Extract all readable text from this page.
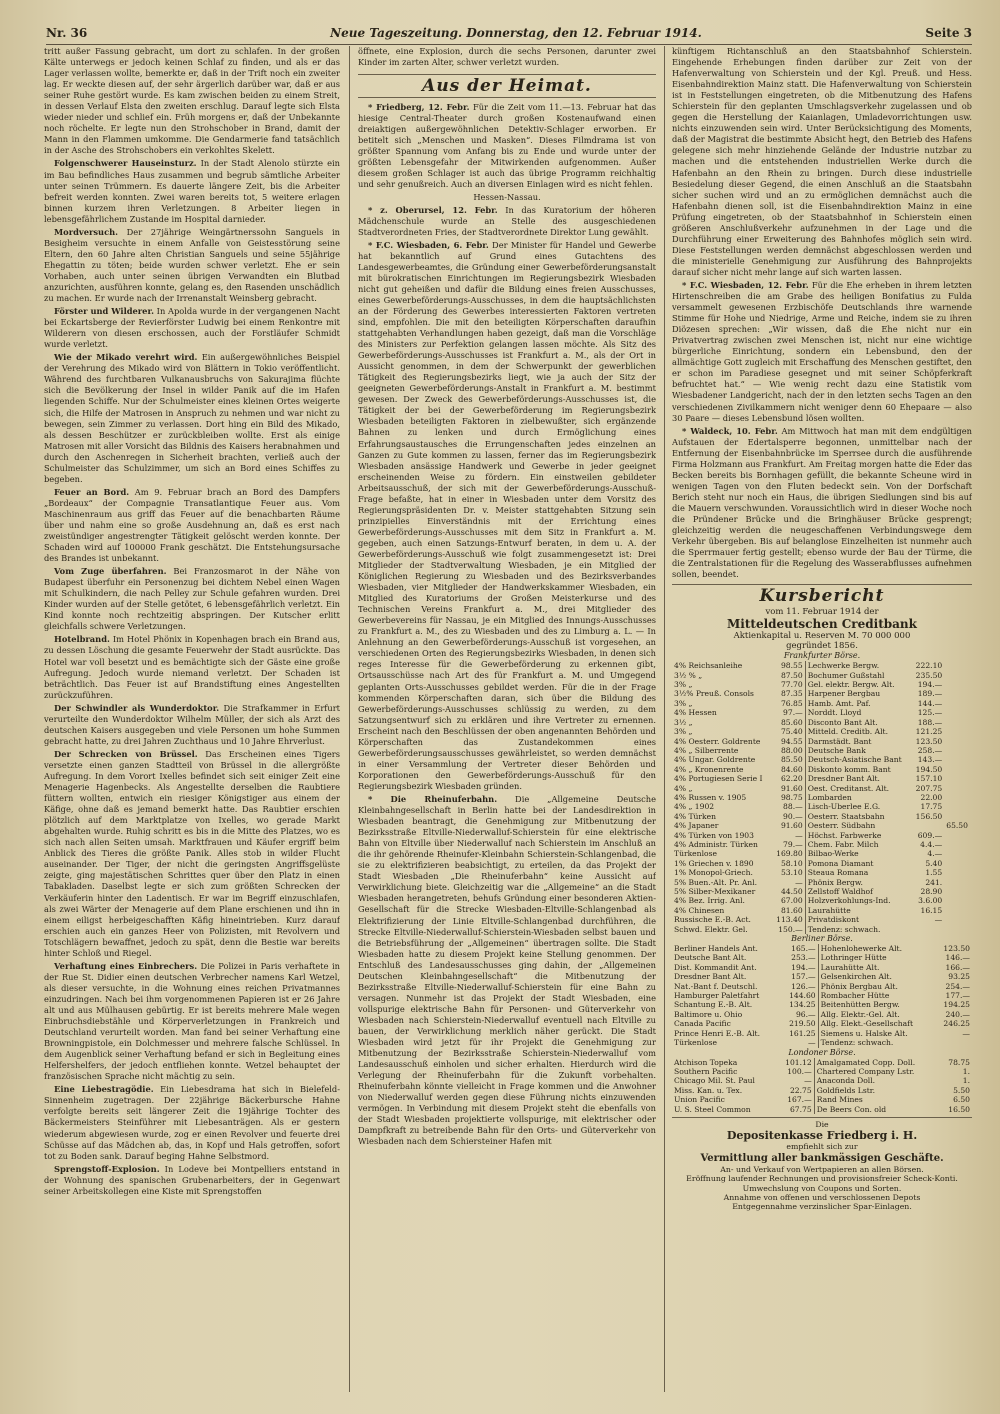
Nr. 36	Neue Tageszeitung. Donnerstag, den 12. Februar 1914.	Seite 3

tritt außer Fassung gebracht, um dort zu schlafen. In der großen Kälte unterwegs er jedoch keinen Schlaf zu finden, und als er das Lager verlassen wollte, bemerkte er, daß in der Trift noch ein zweiter lag. Er weckte diesen auf, der sehr ärgerlich darüber war, daß er aus seiner Ruhe gestört wurde. Es kam zwischen beiden zu einem Streit, in dessen Verlauf Elsta den zweiten erschlug. Darauf legte sich Elsta wieder nieder und schlief ein. Früh morgens er, daß der Unbekannte noch röchelte. Er legte nun den Strohschober in Brand, damit der Mann in den Flammen umkomme. Die Gendarmerie fand tatsächlich in der Asche des Strohschobers ein verkohltes Skelett.

Folgenschwerer Hauseinsturz. In der Stadt Alenolo stürzte ein im Bau befindliches Haus zusammen und begrub sämtliche Arbeiter unter seinen Trümmern. Es dauerte längere Zeit, bis die Arbeiter befreit werden konnten. Zwei waren bereits tot, 5 weitere erlagen binnen kurzem ihren Verletzungen. 8 Arbeiter liegen in lebensgefährlichem Zustande im Hospital darnieder.

Mordversuch. Der 27jährige Weingärtnerssohn Sanguels in Besigheim versuchte in einem Anfalle von Geistesstörung seine Eltern, den 60 Jahre alten Christian Sanguels und seine 55jährige Ehegattin zu töten; beide wurden schwer verletzt. Ehe er sein Vorhaben, auch unter seinen übrigen Verwandten ein Blutbad anzurichten, ausführen konnte, gelang es, den Rasenden unschädlich zu machen. Er wurde nach der Irrenanstalt Weinsberg gebracht.

Förster und Wilderer. In Apolda wurde in der vergangenen Nacht bei Eckartsberge der Revierförster Ludwig bei einem Renkontre mit Wilderern von diesen erschossen, auch der Forstläufer Schmidt wurde verletzt.

Wie der Mikado verehrt wird. Ein außergewöhnliches Beispiel der Verehrung des Mikado wird von Blättern in Tokio veröffentlicht. Während des furchtbaren Vulkanausbruchs von Sakurajima flüchte sich die Bevölkerung der Insel in wilder Panik auf die im Hafen liegenden Schiffe. Nur der Schulmeister eines kleinen Ortes weigerte sich, die Hilfe der Matrosen in Anspruch zu nehmen und war nicht zu bewegen, sein Zimmer zu verlassen. Dort hing ein Bild des Mikado, als dessen Beschützer er zurückbleiben wollte. Erst als einige Matrosen mit aller Vorsicht das Bildnis des Kaisers herabnahmen und durch den Aschenregen in Sicherheit brachten, verließ auch der Schulmeister das Schulzimmer, um sich an Bord eines Schiffes zu begeben.

Feuer an Bord. Am 9. Februar brach an Bord des Dampfers „Bordeaux“ der Compagnie Transatlantique Feuer aus. Vom Maschinenraum aus griff das Feuer auf die benachbarten Räume über und nahm eine so große Ausdehnung an, daß es erst nach zweistündiger angestrengter Tätigkeit gelöscht werden konnte. Der Schaden wird auf 100000 Frank geschätzt. Die Entstehungsursache des Brandes ist unbekannt.

Vom Zuge überfahren. Bei Franzosmarot in der Nähe von Budapest überfuhr ein Personenzug bei dichtem Nebel einen Wagen mit Schulkindern, die nach Pelley zur Schule gefahren wurden. Drei Kinder wurden auf der Stelle getötet, 6 lebensgefährlich verletzt. Ein Kind konnte noch rechtzeitig abspringen. Der Kutscher erlitt gleichfalls schwere Verletzungen.

Hotelbrand. Im Hotel Phönix in Kopenhagen brach ein Brand aus, zu dessen Löschung die gesamte Feuerwehr der Stadt ausrückte. Das Hotel war voll besetzt und es bemächtigte sich der Gäste eine große Aufregung. Jedoch wurde niemand verletzt. Der Schaden ist beträchtlich. Das Feuer ist auf Brandstiftung eines Angestellten zurückzuführen.

Der Schwindler als Wunderdoktor. Die Strafkammer in Erfurt verurteilte den Wunderdoktor Wilhelm Müller, der sich als Arzt des deutschen Kaisers ausgegeben und viele Personen um hohe Summen gebracht hatte, zu drei Jahren Zuchthaus und 10 Jahre Ehrverlust.

Der Schrecken von Brüssel. Das Erscheinen eines Tigers versetzte einen ganzen Stadtteil von Brüssel in die allergrößte Aufregung. In dem Vorort Ixelles befindet sich seit einiger Zeit eine Menagerie Hagenbecks. Als Angestellte derselben die Raubtiere füttern wollten, entwich ein riesiger Königstiger aus einem der Käfige, ohne daß es jemand bemerkt hatte. Das Raubtier erschien plötzlich auf dem Marktplatze von Ixelles, wo gerade Markt abgehalten wurde. Ruhig schritt es bis in die Mitte des Platzes, wo es sich nach allen Seiten umsah. Marktfrauen und Käufer ergriff beim Anblick des Tieres die größte Panik. Alles stob in wilder Flucht auseinander. Der Tiger, der nicht die geringsten Angriffsgelüste zeigte, ging majestätischen Schrittes quer über den Platz in einen Tabakladen. Daselbst legte er sich zum größten Schrecken der Verkäuferin hinter den Ladentisch. Er war im Begriff einzuschlafen, als zwei Wärter der Menagerie auf dem Plane erschienen und ihn in einem eiligst herbeigeschafften Käfig hineintrieben. Kurz darauf erschien auch ein ganzes Heer von Polizisten, mit Revolvern und Totschlägern bewaffnet, jedoch zu spät, denn die Bestie war bereits hinter Schloß und Riegel.

Verhaftung eines Einbrechers. Die Polizei in Paris verhaftete in der Rue St. Didier einen deutschen Verbrecher namens Karl Wetzel, als dieser versuchte, in die Wohnung eines reichen Privatmannes einzudringen. Nach bei ihm vorgenommenen Papieren ist er 26 Jahre alt und aus Mülhausen gebürtig. Er ist bereits mehrere Male wegen Einbruchsdiebstähle und Körperverletzungen in Frankreich und Deutschland verurteilt worden. Man fand bei seiner Verhaftung eine Browningpistole, ein Dolchmesser und mehrere falsche Schlüssel. In dem Augenblick seiner Verhaftung befand er sich in Begleitung eines Helfershelfers, der jedoch entfliehen konnte. Wetzel behauptet der französischen Sprache nicht mächtig zu sein.

Eine Liebestragödie. Ein Liebesdrama hat sich in Bielefeld-Sinnenheim zugetragen. Der 22jährige Bäckerbursche Hahne verfolgte bereits seit längerer Zeit die 19jährige Tochter des Bäckermeisters Steinführer mit Liebesanträgen. Als er gestern wiederum abgewiesen wurde, zog er einen Revolver und feuerte drei Schüsse auf das Mädchen ab, das, in Kopf und Hals getroffen, sofort tot zu Boden sank. Darauf beging Hahne Selbstmord.

Sprengstoff-Explosion. In Lodeve bei Montpelliers entstand in der Wohnung des spanischen Grubenarbeiters, der in Gegenwart seiner Arbeitskollegen eine Kiste mit Sprengstoffen

öffnete, eine Explosion, durch die sechs Personen, darunter zwei Kinder im zarten Alter, schwer verletzt wurden.

Aus der Heimat.

* Friedberg, 12. Febr. Für die Zeit vom 11.—13. Februar hat das hiesige Central-Theater durch großen Kostenaufwand einen dreiaktigen außergewöhnlichen Detektiv-Schlager erworben. Er betitelt sich „Menschen und Masken“. Dieses Filmdrama ist von größter Spannung vom Anfang bis zu Ende und wurde unter der größten Lebensgefahr der Mitwirkenden aufgenommen. Außer diesem großen Schlager ist auch das übrige Programm reichhaltig und sehr genußreich. Auch an diversen Einlagen wird es nicht fehlen.

Hessen-Nassau.

* z. Oberursel, 12. Febr. In das Kuratorium der höheren Mädchenschule wurde an Stelle des ausgeschiedenen Stadtverordneten Fries, der Stadtverordnete Direktor Lung gewählt.

* F.C. Wiesbaden, 6. Febr. Der Minister für Handel und Gewerbe hat bekanntlich auf Grund eines Gutachtens des Landesgewerbeamtes, die Gründung einer Gewerbeförderungsanstalt mit bürokratischen Einrichtungen im Regierungsbezirk Wiesbaden nicht gut geheißen und dafür die Bildung eines freien Ausschusses, eines Gewerbeförderungs-Ausschusses, in dem die hauptsächlichsten an der Förderung des Gewerbes interessierten Faktoren vertreten sind, empfohlen. Die mit den beteiligten Körperschaften daraufhin stattgehabten Verhandlungen haben gezeigt, daß man die Vorschläge des Ministers zur Perfektion gelangen lassen möchte. Als Sitz des Gewerbeförderungs-Ausschusses ist Frankfurt a. M., als der Ort in Aussicht genommen, in dem der Schwerpunkt der gewerblichen Tätigkeit des Regierungsbezirks liegt, wie ja auch der Sitz der geeigneten Gewerbeförderungs-Anstalt in Frankfurt a. M. bestimmt gewesen. Der Zweck des Gewerbeförderungs-Ausschusses ist, die Tätigkeit der bei der Gewerbeförderung im Regierungsbezirk Wiesbaden beteiligten Faktoren in zielbewußter, sich ergänzende Bahnen zu lenken und durch Ermöglichung eines Erfahrungsaustausches die Errungenschaften jedes einzelnen an Ganzen zu Gute kommen zu lassen, ferner das im Regierungsbezirk Wiesbaden ansässige Handwerk und Gewerbe in jeder geeignet erscheinenden Weise zu fördern. Ein einstweilen gebildeter Arbeitsausschuß, der sich mit der Gewerbeförderungs-Ausschuß-Frage befaßte, hat in einer in Wiesbaden unter dem Vorsitz des Regierungspräsidenten Dr. v. Meister stattgehabten Sitzung sein prinzipielles Einverständnis mit der Errichtung eines Gewerbeförderungs-Ausschusses mit dem Sitz in Frankfurt a. M. gegeben, auch einen Satzungs-Entwurf beraten, in dem u. A. der Gewerbeförderungs-Ausschuß wie folgt zusammengesetzt ist: Drei Mitglieder der Stadtverwaltung Wiesbaden, je ein Mitglied der Königlichen Regierung zu Wiesbaden und des Bezirksverbandes Wiesbaden, vier Mitglieder der Handwerkskammer Wiesbaden, ein Mitglied des Kuratoriums der Großen Meisterkurse und des Technischen Vereins Frankfurt a. M., drei Mitglieder des Gewerbevereins für Nassau, je ein Mitglied des Innungs-Ausschusses zu Frankfurt a. M., des zu Wiesbaden und des zu Limburg a. L. — In Anlehnung an den Gewerbeförderungs-Ausschuß ist vorgesehen, an verschiedenen Orten des Regierungsbezirks Wiesbaden, in denen sich reges Interesse für die Gewerbeförderung zu erkennen gibt, Ortsausschüsse nach Art des für Frankfurt a. M. und Umgegend geplanten Orts-Ausschusses gebildet werden. Für die in der Frage kommenden Körperschaften daran, sich über die Bildung des Gewerbeförderungs-Ausschusses schlüssig zu werden, zu dem Satzungsentwurf sich zu erklären und ihre Vertreter zu ernennen. Erscheint nach den Beschlüssen der oben angenannten Behörden und Körperschaften das Zustandekommen eines Gewerbeförderungsausschusses gewährleistet, so werden demnächst in einer Versammlung der Vertreter dieser Behörden und Korporationen den Gewerbeförderungs-Ausschuß für den Regierungsbezirk Wiesbaden gründen.

* Die Rheinuferbahn. Die „Allgemeine Deutsche Kleinbahngesellschaft in Berlin hatte bei der Landesdirektion in Wiesbaden beantragt, die Genehmigung zur Mitbenutzung der Bezirksstraße Eltville-Niederwalluf-Schierstein für eine elektrische Bahn von Eltville über Niederwalluf nach Schierstein im Anschluß an die ihr gehörende Rheinufer-Kleinbahn Schierstein-Schlangenbad, die sie zu elektrifizieren beabsichtigt, zu erteilen, da das Projekt der Stadt Wiesbaden „Die Rheinuferbahn“ keine Aussicht auf Verwirklichung biete. Gleichzeitig war die „Allgemeine“ an die Stadt Wiesbaden herangetreten, behufs Gründung einer besonderen Aktien-Gesellschaft für die Strecke Wiesbaden-Eltville-Schlangenbad als Elektrifizierung der Linie Eltville-Schlangenbad durchführen, die Strecke Eltville-Niederwalluf-Schierstein-Wiesbaden selbst bauen und die Betriebsführung der „Allgemeinen“ übertragen sollte. Die Stadt Wiesbaden hatte zu diesem Projekt keine Stellung genommen. Der Entschluß des Landesausschusses ging dahin, der „Allgemeinen Deutschen Kleinbahngesellschaft“ die Mitbenutzung der Bezirksstraße Eltville-Niederwalluf-Schierstein für eine Bahn zu versagen. Nunmehr ist das Projekt der Stadt Wiesbaden, eine vollspurige elektrische Bahn für Personen- und Güterverkehr von Wiesbaden nach Schierstein-Niederwalluf eventuell nach Eltville zu bauen, der Verwirklichung merklich näher gerückt. Die Stadt Wiesbaden wird jetzt für ihr Projekt die Genehmigung zur Mitbenutzung der Bezirksstraße Schierstein-Niederwalluf vom Landesausschuß einholen und sicher erhalten. Hierdurch wird die Verlegung der Rheinuferbahn für die Zukunft vorbehalten. Rheinuferbahn könnte vielleicht in Frage kommen und die Anwohner von Niederwalluf werden gegen diese Führung nichts einzuwenden vermögen. In Verbindung mit diesem Projekt steht die ebenfalls von der Stadt Wiesbaden projektierte vollspurige, mit elektrischer oder Dampfkraft zu betreibende Bahn für den Orts- und Güterverkehr von Wiesbaden nach dem Schiersteiner Hafen mit

künftigem Richtanschluß an den Staatsbahnhof Schierstein. Eingehende Erhebungen finden darüber zur Zeit von der Hafenverwaltung von Schierstein und der Kgl. Preuß. und Hess. Eisenbahndirektion Mainz statt. Die Hafenverwaltung von Schierstein ist in Feststellungen eingetreten, ob die Mitbenutzung des Hafens Schierstein für den geplanten Umschlagsverkehr zugelassen und ob gegen die Herstellung der Kaianlagen, Umladevorrichtungen usw. nichts einzuwenden sein wird. Unter Berücksichtigung des Moments, daß der Magistrat die bestimmte Absicht hegt, den Betrieb des Hafens gelegene sich mehr hinziehende Gelände der Industrie nutzbar zu machen und die entstehenden industriellen Werke durch die Hafenbahn an den Rhein zu bringen. Durch diese industrielle Besiedelung dieser Gegend, die einen Anschluß an die Staatsbahn sicher suchen wird und an zu ermöglichen demnächst auch die Hafenbahn dienen soll, ist die Eisenbahndirektion Mainz in eine Prüfung eingetreten, ob der Staatsbahnhof in Schierstein einen größeren Anschlußverkehr aufzunehmen in der Lage und die Durchführung einer Erweiterung des Bahnhofes möglich sein wird. Diese Feststellungen werden demnächst abgeschlossen werden und die ministerielle Genehmigung zur Ausführung des Bahnprojekts darauf sicher nicht mehr lange auf sich warten lassen.

* F.C. Wiesbaden, 12. Febr. Für die Ehe erheben in ihrem letzten Hirtenschreiben die am Grabe des heiligen Bonifatius zu Fulda versammelt gewesenen Erzbischöfe Deutschlands ihre warnende Stimme für Hohe und Niedrige, Arme und Reiche, indem sie zu ihren Diözesen sprechen: „Wir wissen, daß die Ehe nicht nur ein Privatvertrag zwischen zwei Menschen ist, nicht nur eine wichtige bürgerliche Einrichtung, sondern ein Lebensbund, den der allmächtige Gott zugleich mit Erschaffung des Menschen gestiftet, den er schon im Paradiese gesegnet und mit seiner Schöpferkraft befruchtet hat.“ — Wie wenig recht dazu eine Statistik vom Wiesbadener Landgericht, nach der in den letzten sechs Tagen an den verschiedenen Zivilkammern nicht weniger denn 60 Ehepaare — also 30 Paare — dieses Lebensbund lösen wollten.

* Waldeck, 10. Febr. Am Mittwoch hat man mit dem endgültigen Aufstauen der Edertalsperre begonnen, unmittelbar nach der Entfernung der Eisenbahnbrücke im Sperrsee durch die ausführende Firma Holzmann aus Frankfurt. Am Freitag morgen hatte die Eder das Becken bereits bis Bornhagen gefüllt, die bekannte Scheune wird in wenigen Tagen von den Fluten bedeckt sein. Von der Dorfschaft Berich steht nur noch ein Haus, die übrigen Siedlungen sind bis auf die Mauern verschwunden. Voraussichtlich wird in dieser Woche noch die Pründener Brücke und die Bringhäuser Brücke gesprengt; gleichzeitig werden die neugeschaffenen Verbindungswege dem Verkehr übergeben. Bis auf belanglose Einzelheiten ist nunmehr auch die Sperrmauer fertig gestellt; ebenso wurde der Bau der Türme, die die Zentralstationen für die Regelung des Wasserabflusses aufnehmen sollen, beendet.

Kursbericht
vom 11. Februar 1914 der
Mitteldeutschen Creditbank
Aktienkapital u. Reserven M. 70 000 000
gegründet 1856.
Frankfurter Börse.
4% Reichsanleihe	98.55	Lechwerke Bergw.	222.10	
3½ % „	87.50	Bochumer Gußstahl	235.50	
3% „	77.70	Gel. elektr. Bergw. Alt.	194.—	
3½% Preuß. Consols	87.35	Harpener Bergbau	189.—	
3% „	76.85	Hamb. Amt. Paf.	144.—	
4% Hessen	97.—	Norddt. Lloyd	125.—	
3½ „	85.60	Disconto Bant Alt.	188.—	
3% „	75.40	Mitteld. Creditb. Alt.	121.25	
4% Oesterr. Goldrente	94.55	Darmstädt. Bant	123.50	
4% „ Silberrente	88.00	Deutsche Bank	258.—	
4% Ungar. Goldrente	85.50	Deutsch-Asiatische Bant	143.—	
4% „ Kronenrente	84.60	Diskonto komm. Bant	194.50	
4% Portugiesen Serie I	62.20	Dresdner Bant Alt.	157.10	
4% „	91.60	Oest. Creditanst. Alt.	207.75	
4% Russen v. 1905	98.75	Lombarden	22.00	
4% „ 1902	88.—	Lisch-Uberlee E.G.	17.75	
4% Türken	90.—	Oesterr. Staatsbahn	156.50	
4% Japaner	91.60	Oesterr. Südbahn		65.50
4% Türken von 1903	—	Höchst. Farbwerke	609.—	
4% Administr. Türken	79.—	Chem. Fabr. Milch	4.4.—	
Türkenlose	169.80	Bilbao-Werke	4.—	
1% Griechen v. 1890	58.10	Pomona Diamant	5.40	
1% Monopol-Griech.	53.10	Steaua Romana	1.55	
5% Buen.-Alt. Pr. Anl.	—	Phönix Bergw.	241.	
5% Silber-Mexikaner	44.50	Zellstoff Waldhof	28.90	
4% Bez. Irrig. Anl.	67.00	Holzverkohlungs-Ind.	3.6.00	
4% Chinesen	81.60	Laurahütte	16.15	
Russische E.-B. Act.	113.40	Privatdiskont	—	
Schwd. Elektr. Gel.	150.—	Tendenz: schwach.		
Berliner Börse.
Berliner Handels Ant.	165.—	Hohenlohewerke Alt.	123.50
Deutsche Bant Alt.	253.—	Lothringer Hütte	146.—
Dist. Kommandit Ant.	194.—	Laurahütte Alt.	166.—
Dresdner Bant Alt.	157.—	Gelsenkirchen Alt.	93.25
Nat.-Bant f. Deutschl.	126.—	Phönix Bergbau Alt.	254.—
Hamburger Paletfahrt	144.60	Rombacher Hütte	177.—
Schantung E.-B. Alt.	134.25	Beitenhütten Bergw.	194.25
Baltimore u. Ohio	96.—	Allg. Elektr.-Gel. Alt.	240.—
Canada Pacific	219.50	Allg. Elekt.-Gesellschaft	246.25
Prince Henri E.-B. Alt.	161.25	Siemens u. Halske Alt.	—
Türkenlose	—	Tendenz: schwach.	
Londoner Börse.
Atchison Topeka	101.12	Amalgamated Copp. Doll.	78.75
Southern Pacific	100.—	Chartered Company Lstr.	1.
Chicago Mil. St. Paul	—	Anaconda Doll.	1.
Miss. Kan. u. Tex.	22.75	Goldfields Lstr.	5.50
Union Pacific	167.—	Rand Mines	6.50
U. S. Steel Common	67.75	De Beers Con. old	16.50
Die
Depositenkasse Friedberg i. H.
empfiehlt sich zur
Vermittlung aller bankmässigen Geschäfte.
An- und Verkauf von Wertpapieren an allen Börsen.
Eröffnung laufender Rechnungen und provisionsfreier Scheck-Konti.
Umwechslung von Coupons und Sorten.
Annahme von offenen und verschlossenen Depots
Entgegennahme verzinslicher Spar-Einlagen.
